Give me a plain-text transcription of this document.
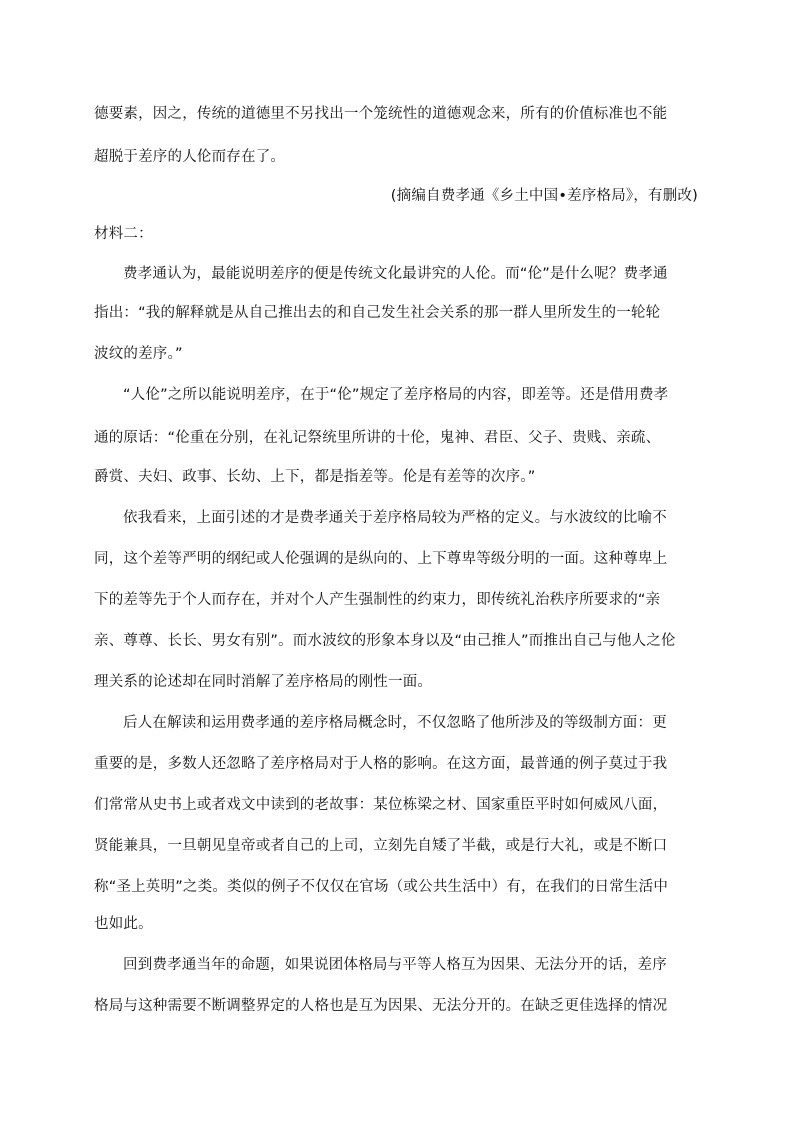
德要素，因之，传统的道德里不另找出一个笼统性的道德观念来，所有的价值标准也不能
超脱于差序的人伦而存在了。
(摘编自费孝通《乡土中国•差序格局》，有删改)
材料二：
费孝通认为，最能说明差序的便是传统文化最讲究的人伦。而“伦”是什么呢？费孝通
指出：“我的解释就是从自己推出去的和自己发生社会关系的那一群人里所发生的一轮轮
波纹的差序。”
“人伦”之所以能说明差序，在于“伦”规定了差序格局的内容，即差等。还是借用费孝
通的原话：“伦重在分别，在礼记祭统里所讲的十伦，鬼神、君臣、父子、贵贱、亲疏、
爵赏、夫妇、政事、长幼、上下，都是指差等。伦是有差等的次序。”
依我看来，上面引述的才是费孝通关于差序格局较为严格的定义。与水波纹的比喻不
同，这个差等严明的纲纪或人伦强调的是纵向的、上下尊卑等级分明的一面。这种尊卑上
下的差等先于个人而存在，并对个人产生强制性的约束力，即传统礼治秩序所要求的“亲
亲、尊尊、长长、男女有别”。而水波纹的形象本身以及“由己推人”而推出自己与他人之伦
理关系的论述却在同时消解了差序格局的刚性一面。
后人在解读和运用费孝通的差序格局概念时，不仅忽略了他所涉及的等级制方面：更
重要的是，多数人还忽略了差序格局对于人格的影响。在这方面，最普通的例子莫过于我
们常常从史书上或者戏文中读到的老故事：某位栋梁之材、国家重臣平时如何威风八面，
贤能兼具，一旦朝见皇帝或者自己的上司，立刻先自矮了半截，或是行大礼，或是不断口
称“圣上英明”之类。类似的例子不仅仅在官场（或公共生活中）有，在我们的日常生活中
也如此。
回到费孝通当年的命题，如果说团体格局与平等人格互为因果、无法分开的话，差序
格局与这种需要不断调整界定的人格也是互为因果、无法分开的。在缺乏更佳选择的情况
